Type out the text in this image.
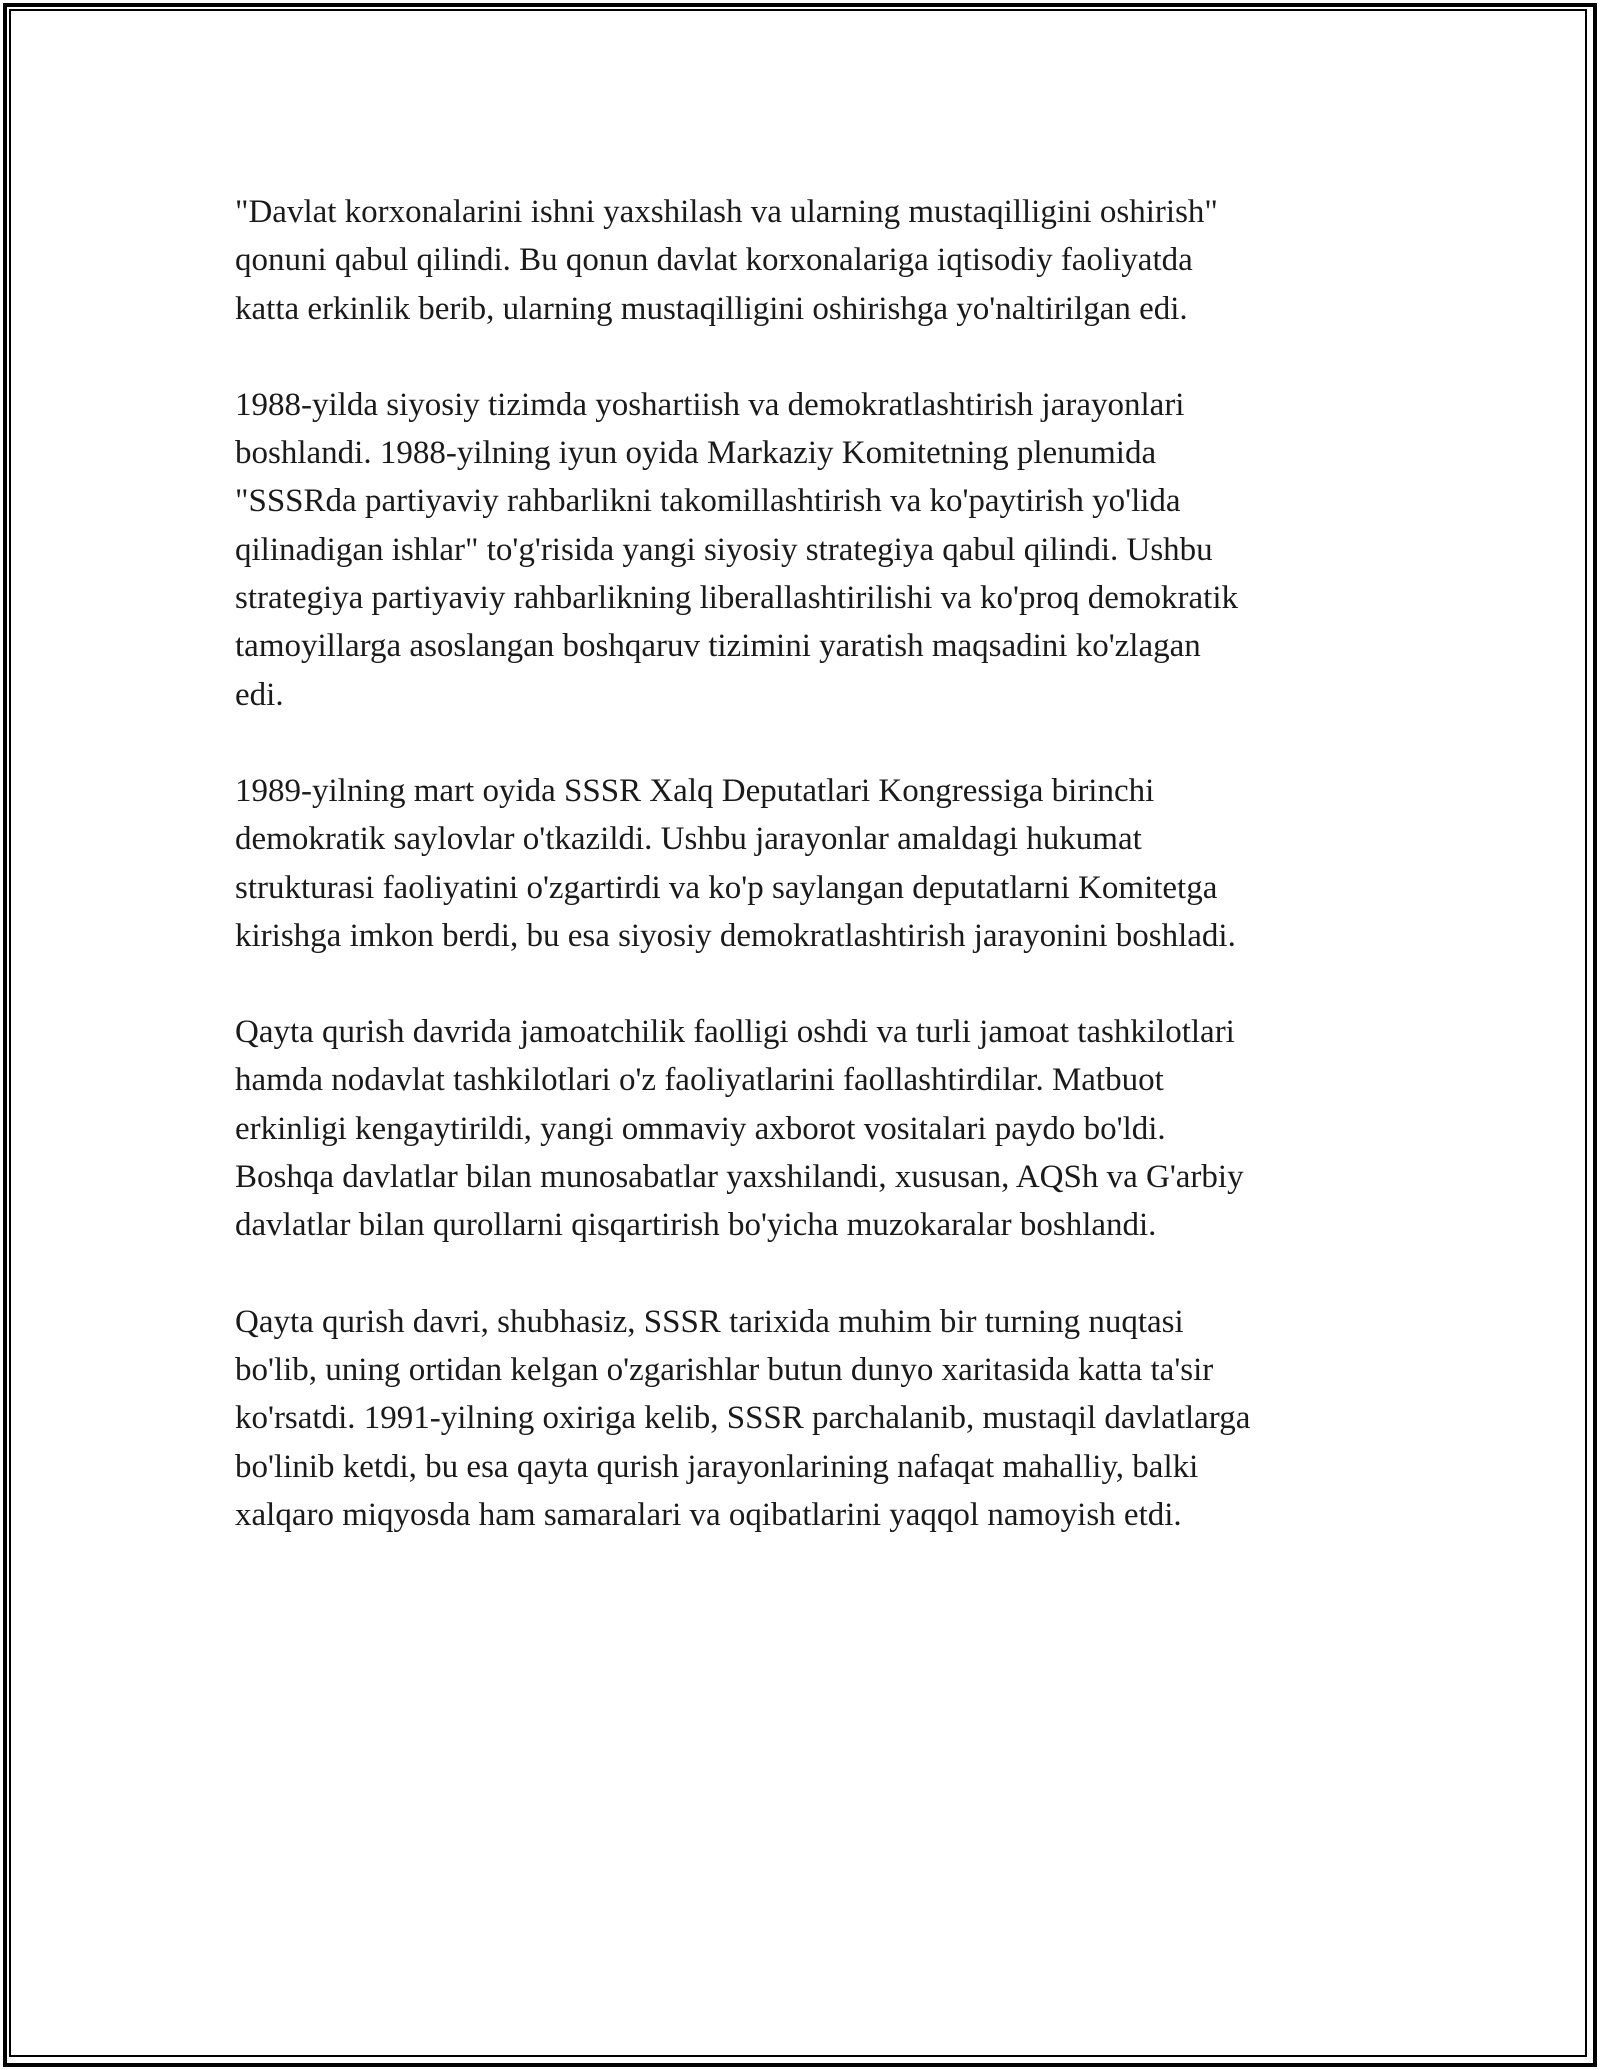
"Davlat korxonalarini ishni yaxshilash va ularning mustaqilligini oshirish"
qonuni qabul qilindi. Bu qonun davlat korxonalariga iqtisodiy faoliyatda
katta erkinlik berib, ularning mustaqilligini oshirishga yo'naltirilgan edi.

1988-yilda siyosiy tizimda yoshartiish va demokratlashtirish jarayonlari
boshlandi. 1988-yilning iyun oyida Markaziy Komitetning plenumida
"SSSRda partiyaviy rahbarlikni takomillashtirish va ko'paytirish yo'lida
qilinadigan ishlar" to'g'risida yangi siyosiy strategiya qabul qilindi. Ushbu
strategiya partiyaviy rahbarlikning liberallashtirilishi va ko'proq demokratik
tamoyillarga asoslangan boshqaruv tizimini yaratish maqsadini ko'zlagan
edi.

1989-yilning mart oyida SSSR Xalq Deputatlari Kongressiga birinchi
demokratik saylovlar o'tkazildi. Ushbu jarayonlar amaldagi hukumat
strukturasi faoliyatini o'zgartirdi va ko'p saylangan deputatlarni Komitetga
kirishga imkon berdi, bu esa siyosiy demokratlashtirish jarayonini boshladi.

Qayta qurish davrida jamoatchilik faolligi oshdi va turli jamoat tashkilotlari
hamda nodavlat tashkilotlari o'z faoliyatlarini faollashtirdilar. Matbuot
erkinligi kengaytirildi, yangi ommaviy axborot vositalari paydo bo'ldi.
Boshqa davlatlar bilan munosabatlar yaxshilandi, xususan, AQSh va G'arbiy
davlatlar bilan qurollarni qisqartirish bo'yicha muzokaralar boshlandi.

Qayta qurish davri, shubhasiz, SSSR tarixida muhim bir turning nuqtasi
bo'lib, uning ortidan kelgan o'zgarishlar butun dunyo xaritasida katta ta'sir
ko'rsatdi. 1991-yilning oxiriga kelib, SSSR parchalanib, mustaqil davlatlarga
bo'linib ketdi, bu esa qayta qurish jarayonlarining nafaqat mahalliy, balki
xalqaro miqyosda ham samaralari va oqibatlarini yaqqol namoyish etdi.
